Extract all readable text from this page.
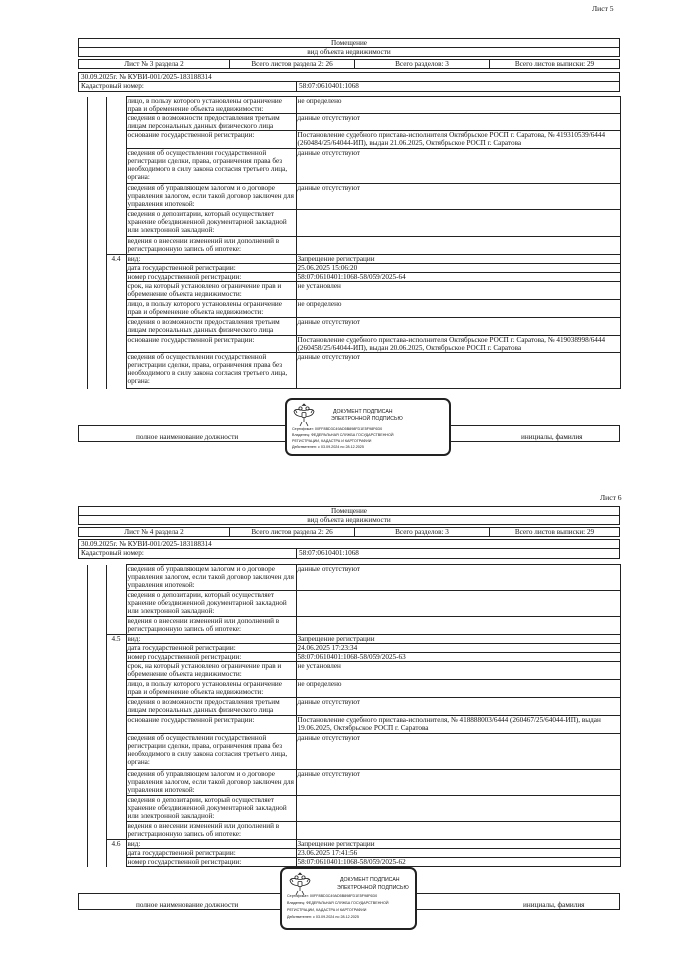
Лист 5
Помещение
вид объекта недвижимости
Лист № 3 раздела 2	Всего листов раздела 2: 26	Всего разделов: 3	Всего листов выписки: 29
30.09.2025г. № КУВИ-001/2025-183188314
Кадастровый номер:	58:07:0610401:1068
			лицо, в пользу которого установлены ограничение прав и обременение объекта недвижимости:	не определено
			сведения о возможности предоставления третьим лицам персональных данных физического лица	данные отсутствуют
			основание государственной регистрации:	Постановление судебного пристава-исполнителя Октябрьское РОСП г. Саратова, № 419310539/6444 (260484/25/64044-ИП), выдан 21.06.2025, Октябрьское РОСП г. Саратова
			сведения об осуществлении государственной регистрации сделки, права, ограничения права без необходимого в силу закона согласия третьего лица, органа:	данные отсутствуют
			сведения об управляющем залогом и о договоре управления залогом, если такой договор заключен для управления ипотекой:	данные отсутствуют
			сведения о депозитарии, который осуществляет хранение обездвиженной документарной закладной или электронной закладной:	
			ведения о внесении изменений или дополнений в регистрационную запись об ипотеке:	
		4.4	вид:	Запрещение регистрации
			дата государственной регистрации:	25.06.2025 15:06:20
			номер государственной регистрации:	58:07:0610401:1068-58/059/2025-64
			срок, на который установлено ограничение прав и обременение объекта недвижимости:	не установлен
			лицо, в пользу которого установлены ограничение прав и обременение объекта недвижимости:	не определено
			сведения о возможности предоставления третьим лицам персональных данных физического лица	данные отсутствуют
			основание государственной регистрации:	Постановление судебного пристава-исполнителя Октябрьское РОСП г. Саратова, № 419038998/6444 (260458/25/64044-ИП), выдан 20.06.2025, Октябрьское РОСП г. Саратова
			сведения об осуществлении государственной регистрации сделки, права, ограничения права без необходимого в силу закона согласия третьего лица, органа:	данные отсутствуют
полное наименование должности	инициалы, фамилия
ДОКУМЕНТ ПОДПИСАН
ЭЛЕКТРОННОЙ ПОДПИСЬЮ
Сертификат: 00FF8BD3C49AD5B898FD1E5F98F6D0
Владелец: ФЕДЕРАЛЬНАЯ СЛУЖБА ГОСУДАРСТВЕННОЙ
РЕГИСТРАЦИИ, КАДАСТРА И КАРТОГРАФИИ
Действителен: с 03.09.2024 по 28.12.2025
Лист 6
Помещение
вид объекта недвижимости
Лист № 4 раздела 2	Всего листов раздела 2: 26	Всего разделов: 3	Всего листов выписки: 29
30.09.2025г. № КУВИ-001/2025-183188314
Кадастровый номер:	58:07:0610401:1068
			сведения об управляющем залогом и о договоре управления залогом, если такой договор заключен для управления ипотекой:	данные отсутствуют
			сведения о депозитарии, который осуществляет хранение обездвиженной документарной закладной или электронной закладной:	
			ведения о внесении изменений или дополнений в регистрационную запись об ипотеке:	
		4.5	вид:	Запрещение регистрации
			дата государственной регистрации:	24.06.2025 17:23:34
			номер государственной регистрации:	58:07:0610401:1068-58/059/2025-63
			срок, на который установлено ограничение прав и обременение объекта недвижимости:	не установлен
			лицо, в пользу которого установлены ограничение прав и обременение объекта недвижимости:	не определено
			сведения о возможности предоставления третьим лицам персональных данных физического лица	данные отсутствуют
			основание государственной регистрации:	Постановление судебного пристава-исполнителя, № 418888003/6444 (260467/25/64044-ИП), выдан 19.06.2025, Октябрьское РОСП г. Саратова
			сведения об осуществлении государственной регистрации сделки, права, ограничения права без необходимого в силу закона согласия третьего лица, органа:	данные отсутствуют
			сведения об управляющем залогом и о договоре управления залогом, если такой договор заключен для управления ипотекой:	данные отсутствуют
			сведения о депозитарии, который осуществляет хранение обездвиженной документарной закладной или электронной закладной:	
			ведения о внесении изменений или дополнений в регистрационную запись об ипотеке:	
		4.6	вид:	Запрещение регистрации
			дата государственной регистрации:	23.06.2025 17:41:56
			номер государственной регистрации:	58:07:0610401:1068-58/059/2025-62
полное наименование должности	инициалы, фамилия
ДОКУМЕНТ ПОДПИСАН
ЭЛЕКТРОННОЙ ПОДПИСЬЮ
Сертификат: 00FF8BD3C49AD5B898FD1E5F98F6D0
Владелец: ФЕДЕРАЛЬНАЯ СЛУЖБА ГОСУДАРСТВЕННОЙ
РЕГИСТРАЦИИ, КАДАСТРА И КАРТОГРАФИИ
Действителен: с 03.09.2024 по 28.12.2025
